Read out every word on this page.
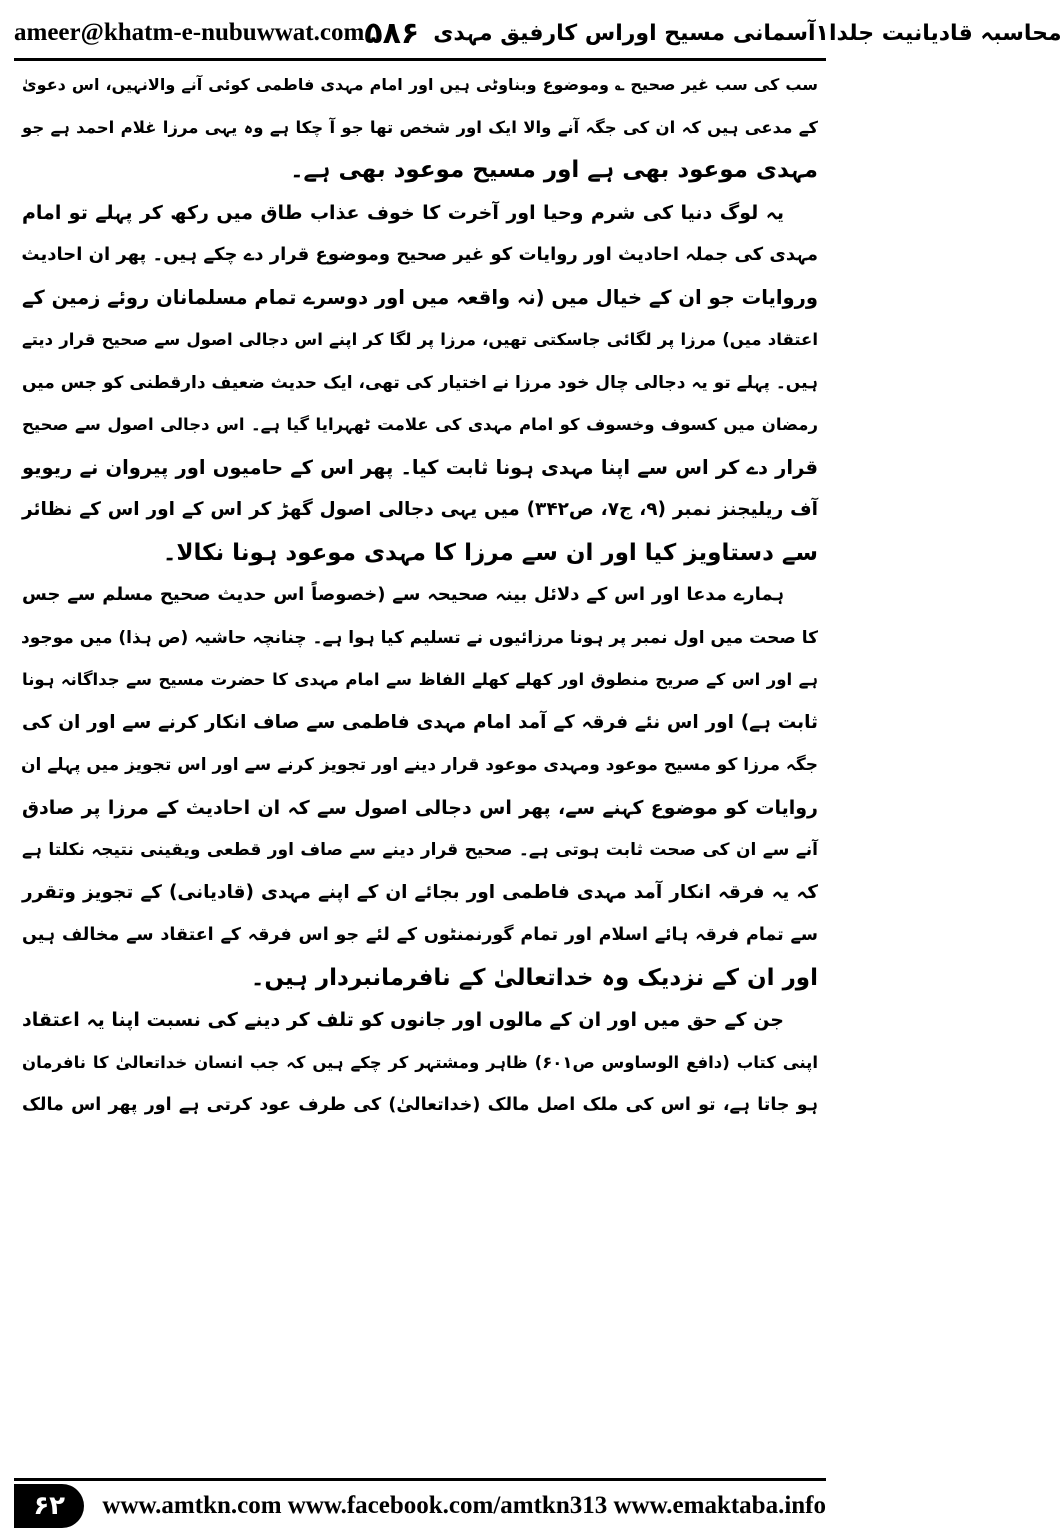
ameer@khatm-e-nubuwwat.com	محاسبہ قادیانیت جلدا۱آسمانی مسیح اوراس کارفیق مہدی
۵۸۶
سب کی سب غیر صحیح ؎ وموضوع وبناوٹی ہیں اور امام مہدی فاطمی کوئی آنے والانہیں، اس دعویٰ
کے مدعی ہیں کہ ان کی جگہ آنے والا ایک اور شخص تھا جو آ چکا ہے وہ یہی مرزا غلام احمد ہے جو
مہدی موعود بھی ہے اور مسیح موعود بھی ہے۔
یہ لوگ دنیا کی شرم وحیا اور آخرت کا خوف عذاب طاق میں رکھ کر پہلے تو امام
مہدی کی جملہ احادیث اور روایات کو غیر صحیح وموضوع قرار دے چکے ہیں۔ پھر ان احادیث
وروایات جو ان کے خیال میں (نہ واقعہ میں اور دوسرے تمام مسلمانان روئے زمین کے
اعتقاد میں) مرزا پر لگائی جاسکتی تھیں، مرزا پر لگا کر اپنے اس دجالی اصول سے صحیح قرار دیتے
ہیں۔ پہلے تو یہ دجالی چال خود مرزا نے اختیار کی تھی، ایک حدیث ضعیف دارقطنی کو جس میں
رمضان میں کسوف وخسوف کو امام مہدی کی علامت ٹھہرایا گیا ہے۔ اس دجالی اصول سے صحیح
قرار دے کر اس سے اپنا مہدی ہونا ثابت کیا۔ پھر اس کے حامیوں اور پیروان نے ریویو
آف ریلیجنز نمبر (۹، ج۷، ص۳۴۲) میں یہی دجالی اصول گھڑ کر اس کے اور اس کے نظائر
سے دستاویز کیا اور ان سے مرزا کا مہدی موعود ہونا نکالا۔
ہمارے مدعا اور اس کے دلائل بینہ صحیحہ سے (خصوصاً اس حدیث صحیح مسلم سے جس
کا صحت میں اول نمبر پر ہونا مرزائیوں نے تسلیم کیا ہوا ہے۔ چنانچہ حاشیہ (ص ہذا) میں موجود
ہے اور اس کے صریح منطوق اور کھلے کھلے الفاظ سے امام مہدی کا حضرت مسیح سے جداگانہ ہونا
ثابت ہے) اور اس نئے فرقہ کے آمد امام مہدی فاطمی سے صاف انکار کرنے سے اور ان کی
جگہ مرزا کو مسیح موعود ومہدی موعود قرار دینے اور تجویز کرنے سے اور اس تجویز میں پہلے ان
روایات کو موضوع کہنے سے، پھر اس دجالی اصول سے کہ ان احادیث کے مرزا پر صادق
آنے سے ان کی صحت ثابت ہوتی ہے۔ صحیح قرار دینے سے صاف اور قطعی ویقینی نتیجہ نکلتا ہے
کہ یہ فرقہ انکار آمد مہدی فاطمی اور بجائے ان کے اپنے مہدی (قادیانی) کے تجویز وتقرر
سے تمام فرقہ ہائے اسلام اور تمام گورنمنٹوں کے لئے جو اس فرقہ کے اعتقاد سے مخالف ہیں
اور ان کے نزدیک وہ خداتعالیٰ کے نافرمانبردار ہیں۔
جن کے حق میں اور ان کے مالوں اور جانوں کو تلف کر دینے کی نسبت اپنا یہ اعتقاد
اپنی کتاب (دافع الوساوس ص۶۰۱) ظاہر ومشتہر کر چکے ہیں کہ جب انسان خداتعالیٰ کا نافرمان
ہو جاتا ہے، تو اس کی ملک اصل مالک (خداتعالیٰ) کی طرف عود کرتی ہے اور پھر اس مالک
۶۲	www.amtkn.com www.facebook.com/amtkn313 www.emaktaba.info
